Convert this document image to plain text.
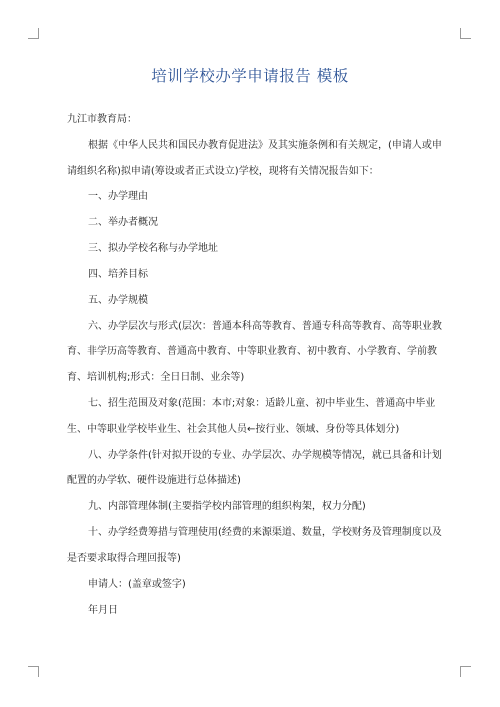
培训学校办学申请报告 模板
九江市教育局：
根据《中华人民共和国民办教育促进法》及其实施条例和有关规定，(申请人或申
请组织名称)拟申请(筹设或者正式设立)学校，现将有关情况报告如下：
一、办学理由
二、举办者概况
三、拟办学校名称与办学地址
四、培养目标
五、办学规模
六、办学层次与形式(层次：普通本科高等教育、普通专科高等教育、高等职业教
育、非学历高等教育、普通高中教育、中等职业教育、初中教育、小学教育、学前教
育、培训机构;形式：全日日制、业余等)
七、招生范围及对象(范围：本市;对象：适龄儿童、初中毕业生、普通高中毕业
生、中等职业学校毕业生、社会其他人员←按行业、领域、身份等具体划分)
八、办学条件(针对拟开设的专业、办学层次、办学规模等情况，就已具备和计划
配置的办学软、硬件设施进行总体描述)
九、内部管理体制(主要指学校内部管理的组织构架，权力分配)
十、办学经费筹措与管理使用(经费的来源渠道、数量，学校财务及管理制度以及
是否要求取得合理回报等)
申请人：(盖章或签字)
年月日
